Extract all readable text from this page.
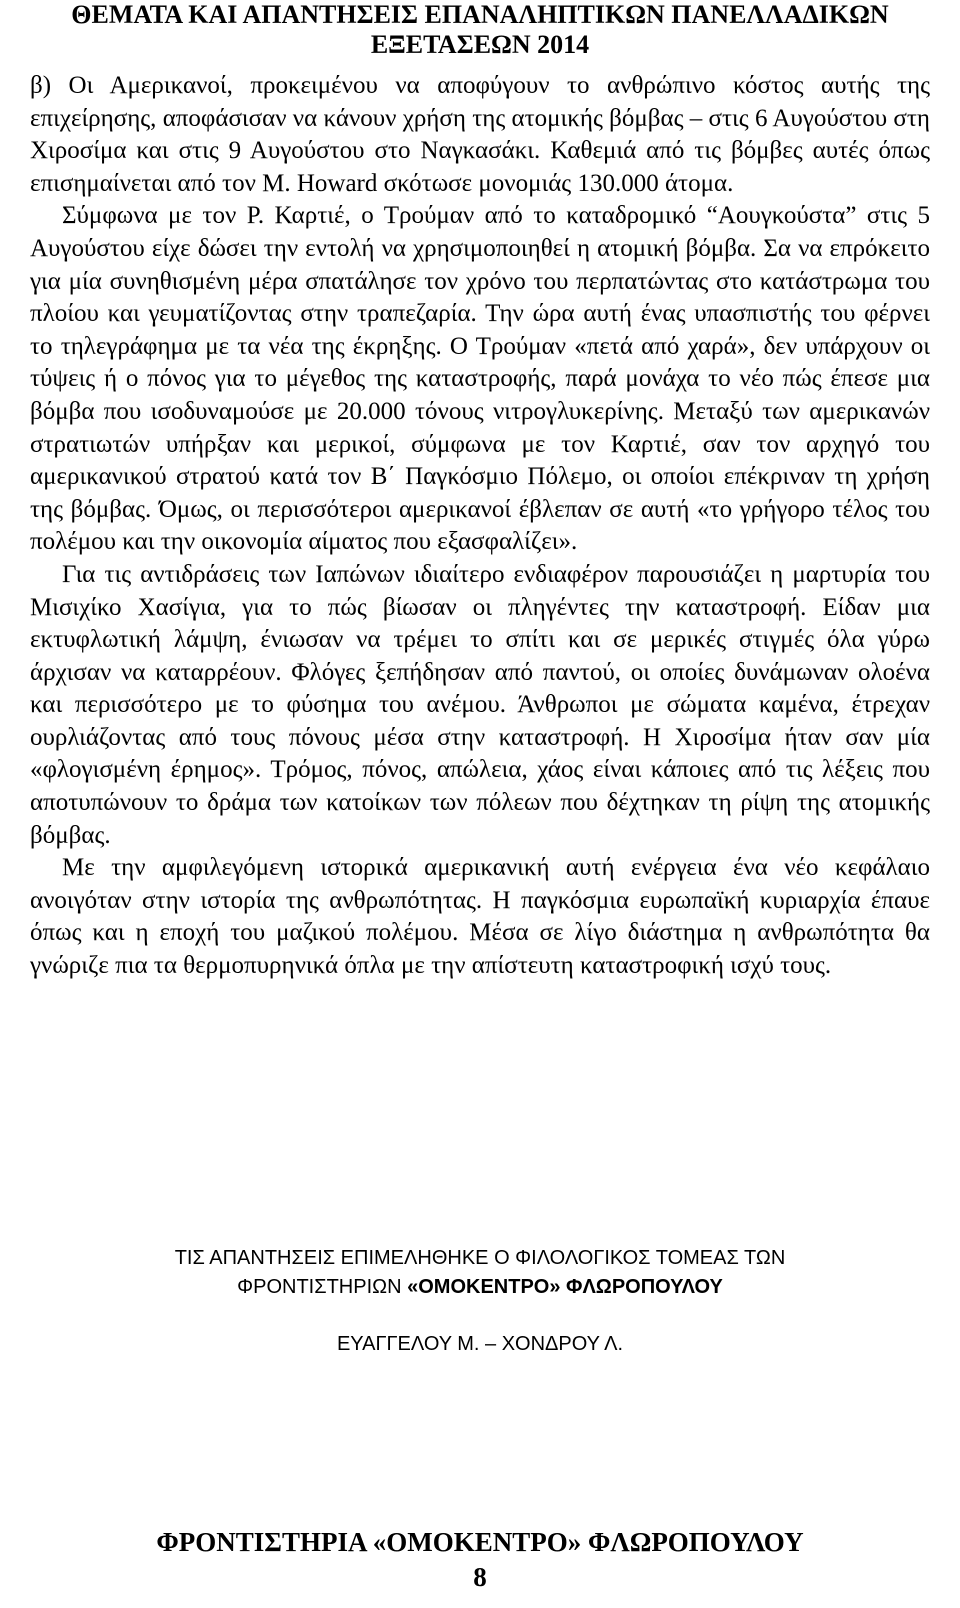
ΘΕΜΑΤΑ ΚΑΙ ΑΠΑΝΤΗΣΕΙΣ ΕΠΑΝΑΛΗΠΤΙΚΩΝ ΠΑΝΕΛΛΑΔΙΚΩΝ
ΕΞΕΤΑΣΕΩΝ 2014

β) Οι Αμερικανοί, προκειμένου να αποφύγουν το ανθρώπινο κόστος αυτής της επιχείρησης, αποφάσισαν να κάνουν χρήση της ατομικής βόμβας – στις 6 Αυγούστου στη Χιροσίμα και στις 9 Αυγούστου στο Ναγκασάκι. Καθεμιά από τις βόμβες αυτές όπως επισημαίνεται από τον Μ. Howard σκότωσε μονομιάς 130.000 άτομα.

Σύμφωνα με τον Ρ. Καρτιέ, ο Τρούμαν από το καταδρομικό “Αουγκούστα” στις 5 Αυγούστου είχε δώσει την εντολή να χρησιμοποιηθεί η ατομική βόμβα. Σα να επρόκειτο για μία συνηθισμένη μέρα σπατάλησε τον χρόνο του περπατώντας στο κατάστρωμα του πλοίου και γευματίζοντας στην τραπεζαρία. Την ώρα αυτή ένας υπασπιστής του φέρνει το τηλεγράφημα με τα νέα της έκρηξης. Ο Τρούμαν «πετά από χαρά», δεν υπάρχουν οι τύψεις ή ο πόνος για το μέγεθος της καταστροφής, παρά μονάχα το νέο πώς έπεσε μια βόμβα που ισοδυναμούσε με 20.000 τόνους νιτρογλυκερίνης. Μεταξύ των αμερικανών στρατιωτών υπήρξαν και μερικοί, σύμφωνα με τον Καρτιέ, σαν τον αρχηγό του αμερικανικού στρατού κατά τον Β΄ Παγκόσμιο Πόλεμο, οι οποίοι επέκριναν τη χρήση της βόμβας. Όμως, οι περισσότεροι αμερικανοί έβλεπαν σε αυτή «το γρήγορο τέλος του πολέμου και την οικονομία αίματος που εξασφαλίζει».

Για τις αντιδράσεις των Ιαπώνων ιδιαίτερο ενδιαφέρον παρουσιάζει η μαρτυρία του Μισιχίκο Χασίγια, για το πώς βίωσαν οι πληγέντες την καταστροφή. Είδαν μια εκτυφλωτική λάμψη, ένιωσαν να τρέμει το σπίτι και σε μερικές στιγμές όλα γύρω άρχισαν να καταρρέουν. Φλόγες ξεπήδησαν από παντού, οι οποίες δυνάμωναν ολοένα και περισσότερο με το φύσημα του ανέμου. Άνθρωποι με σώματα καμένα, έτρεχαν ουρλιάζοντας από τους πόνους μέσα στην καταστροφή. Η Χιροσίμα ήταν σαν μία «φλογισμένη έρημος». Τρόμος, πόνος, απώλεια, χάος είναι κάποιες από τις λέξεις που αποτυπώνουν το δράμα των κατοίκων των πόλεων που δέχτηκαν τη ρίψη της ατομικής βόμβας.

Με την αμφιλεγόμενη ιστορικά αμερικανική αυτή ενέργεια ένα νέο κεφάλαιο ανοιγόταν στην ιστορία της ανθρωπότητας. Η παγκόσμια ευρωπαϊκή κυριαρχία έπαυε όπως και η εποχή του μαζικού πολέμου. Μέσα σε λίγο διάστημα η ανθρωπότητα θα γνώριζε πια τα θερμοπυρηνικά όπλα με την απίστευτη καταστροφική ισχύ τους.

ΤΙΣ ΑΠΑΝΤΗΣΕΙΣ ΕΠΙΜΕΛΗΘΗΚΕ Ο ΦΙΛΟΛΟΓΙΚΟΣ ΤΟΜΕΑΣ ΤΩΝ
ΦΡΟΝΤΙΣΤΗΡΙΩΝ «ΟΜΟΚΕΝΤΡΟ» ΦΛΩΡΟΠΟΥΛΟΥ
ΕΥΑΓΓΕΛΟΥ Μ. – ΧΟΝΔΡΟΥ Λ.
ΦΡΟΝΤΙΣΤΗΡΙΑ «ΟΜΟΚΕΝΤΡΟ» ΦΛΩΡΟΠΟΥΛΟΥ
8
